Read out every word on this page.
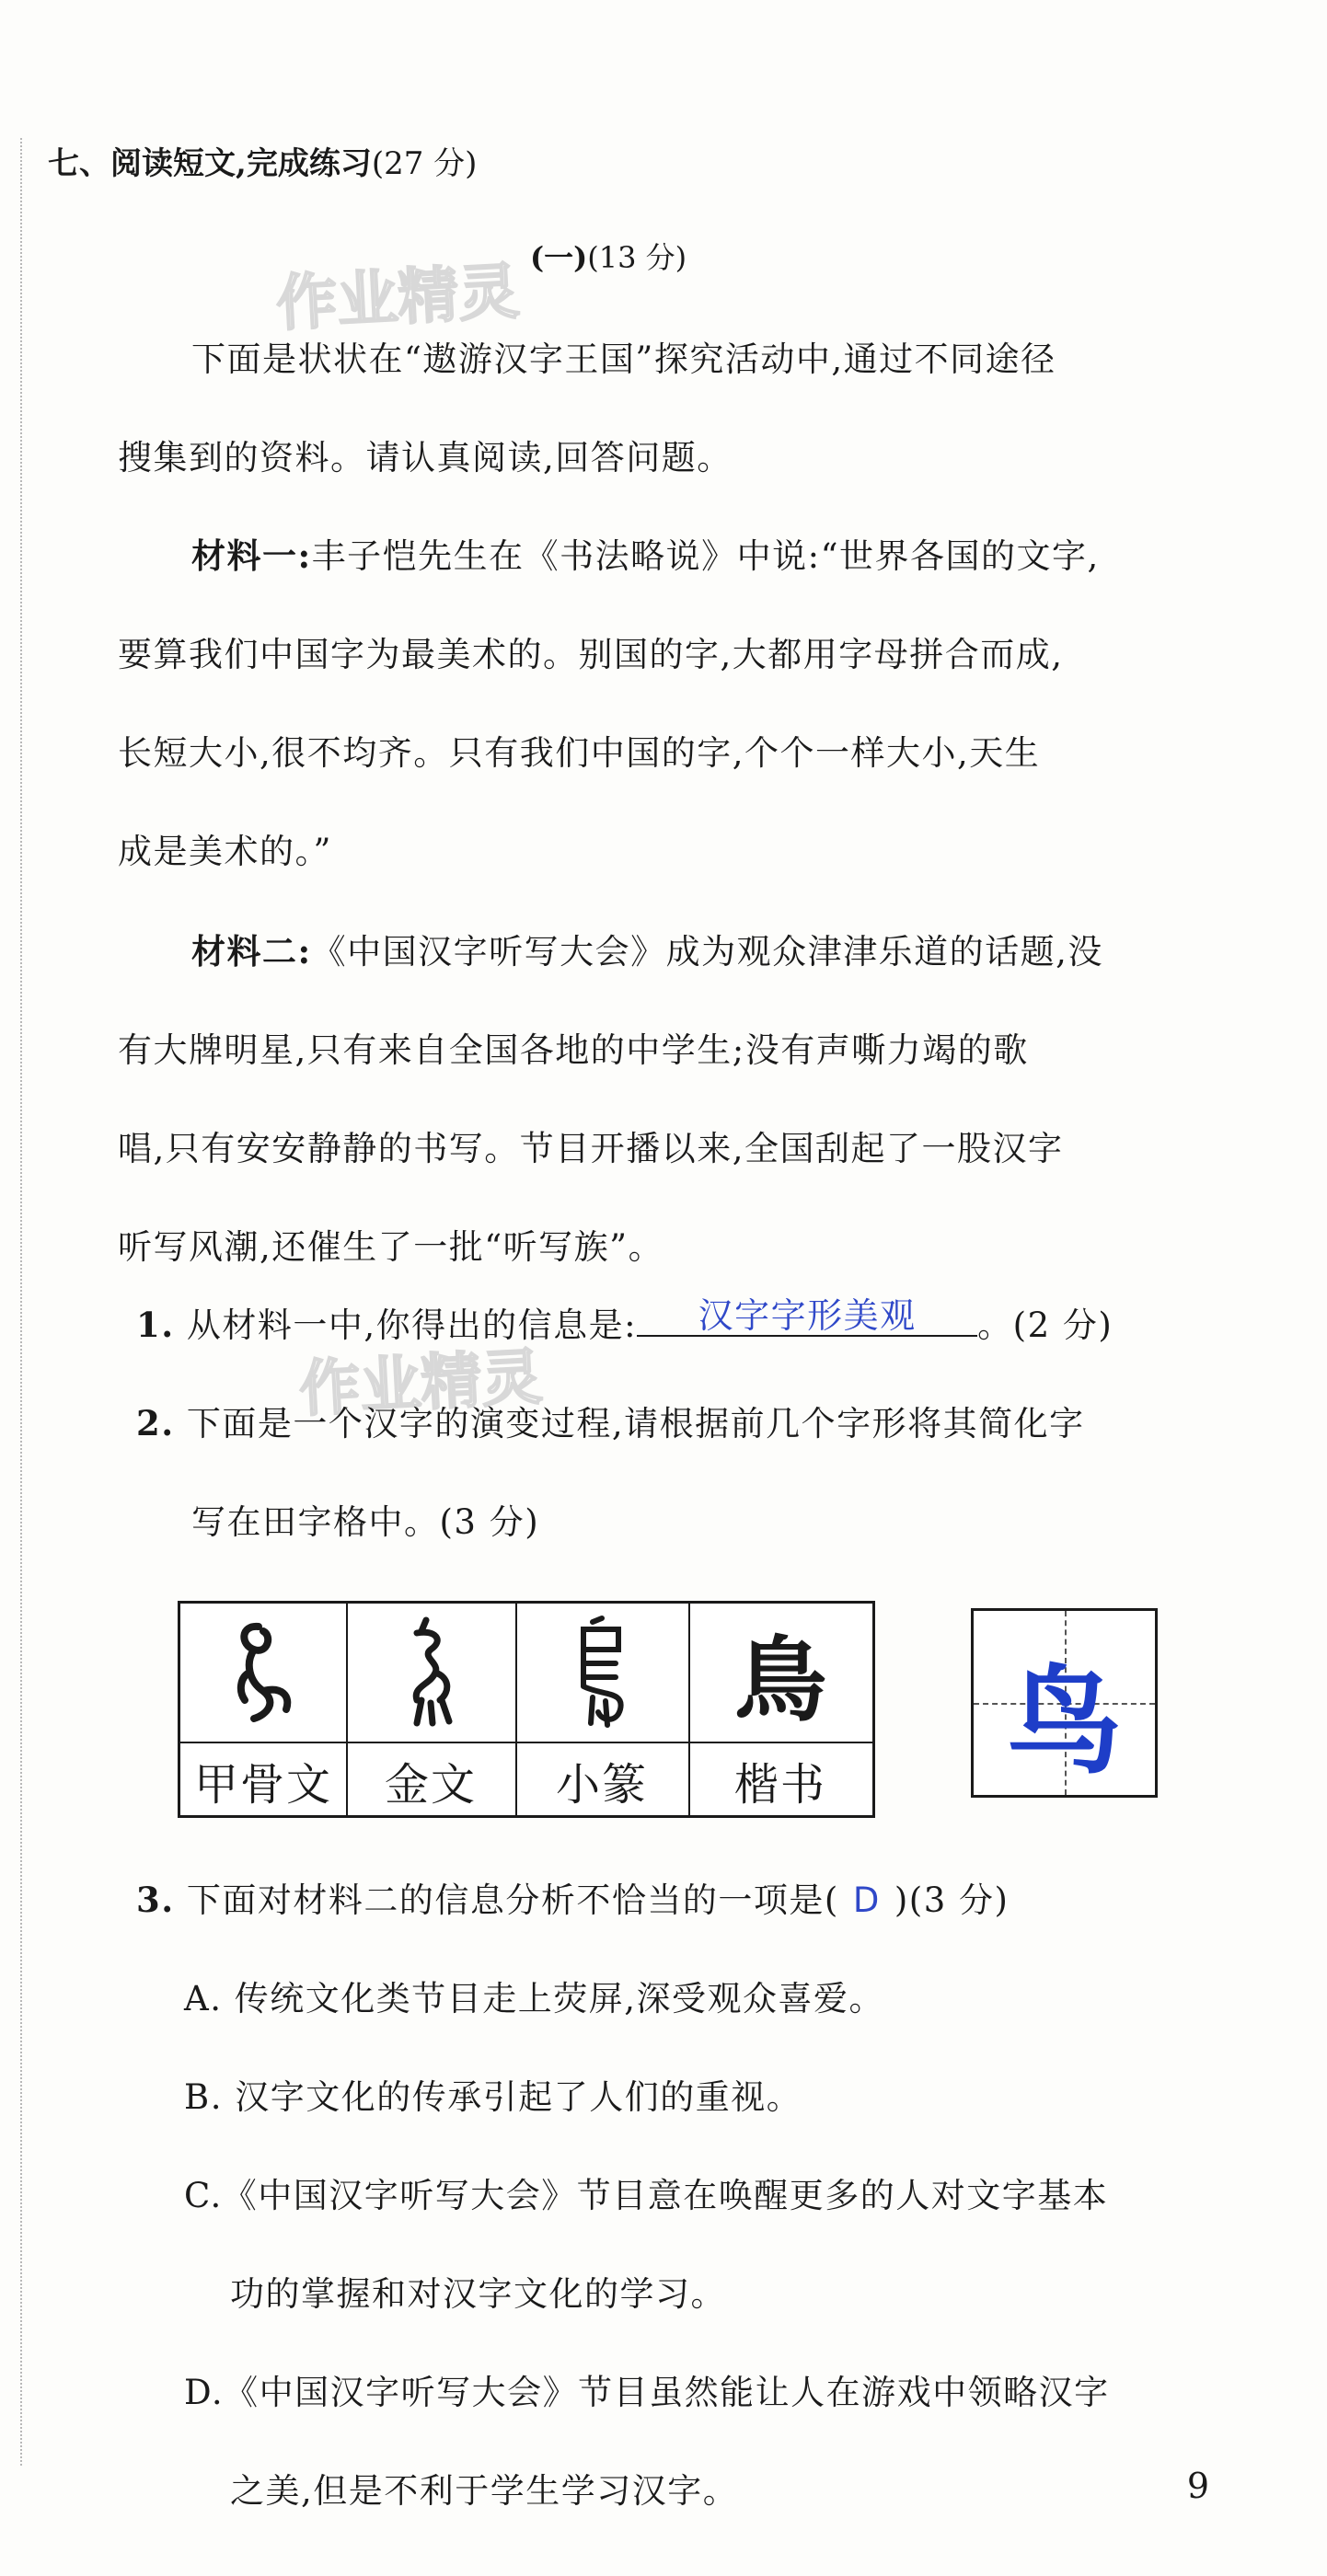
作业精灵
作业精灵
七、阅读短文,完成练习(27 分)
(一)(13 分)
下面是状状在“遨游汉字王国”探究活动中,通过不同途径
搜集到的资料。请认真阅读,回答问题。
材料一:丰子恺先生在《书法略说》中说:“世界各国的文字,
要算我们中国字为最美术的。别国的字,大都用字母拼合而成,
长短大小,很不均齐。只有我们中国的字,个个一样大小,天生
成是美术的。”
材料二:《中国汉字听写大会》成为观众津津乐道的话题,没
有大牌明星,只有来自全国各地的中学生;没有声嘶力竭的歌
唱,只有安安静静的书写。节目开播以来,全国刮起了一股汉字
听写风潮,还催生了一批“听写族”。
1. 从材料一中,你得出的信息是:	汉字字形美观	。(2 分)
2. 下面是一个汉字的演变过程,请根据前几个字形将其简化字
写在田字格中。(3 分)
鳥
甲骨文	金文	小篆	楷书	鸟
3. 下面对材料二的信息分析不恰当的一项是( D )(3 分)
A. 传统文化类节目走上荧屏,深受观众喜爱。
B. 汉字文化的传承引起了人们的重视。
C.《中国汉字听写大会》节目意在唤醒更多的人对文字基本
功的掌握和对汉字文化的学习。
D.《中国汉字听写大会》节目虽然能让人在游戏中领略汉字
之美,但是不利于学生学习汉字。	9
